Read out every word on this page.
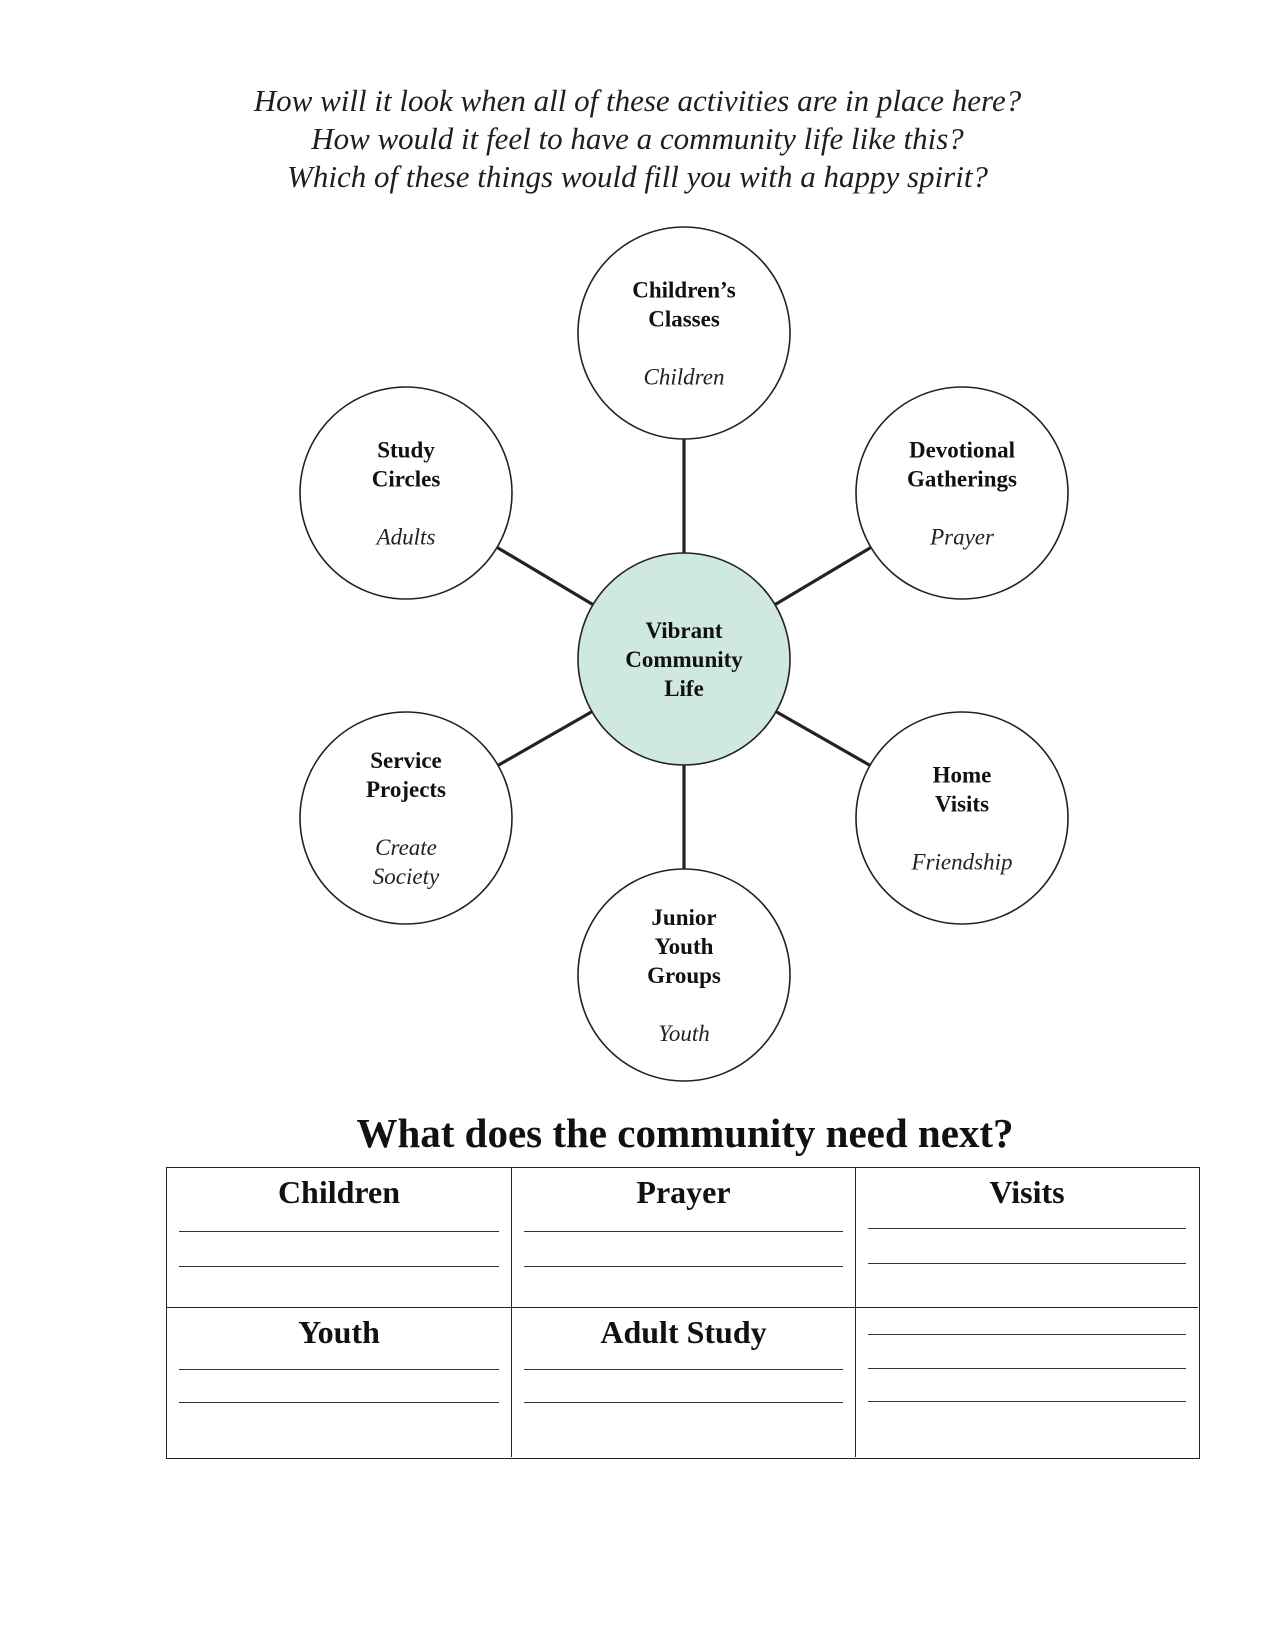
How will it look when all of these activities are in place here?
How would it feel to have a community life like this?
Which of these things would fill you with a happy spirit?
Children’s
Classes
Children
Devotional
Gatherings
Prayer
Home
Visits
Friendship
Junior
Youth
Groups
Youth
Service
Projects
Create
Society
Study
Circles
Adults
Vibrant
Community
Life
What does the community need next?
Children	Prayer	Visits
Youth	Adult Study
